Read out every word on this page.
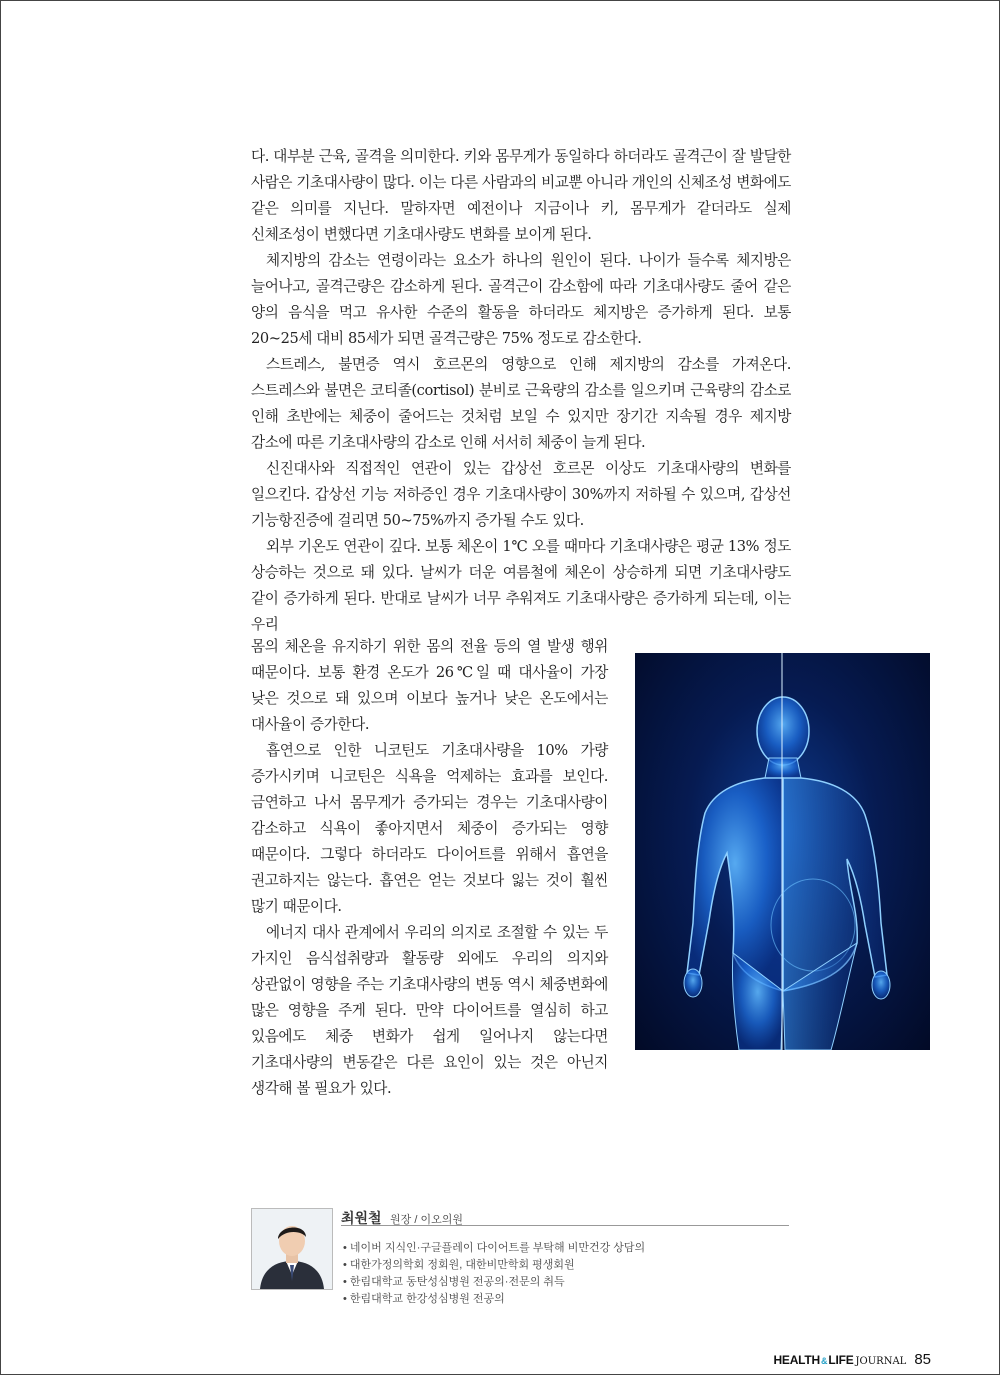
다. 대부분 근육, 골격을 의미한다. 키와 몸무게가 동일하다 하더라도 골격근이 잘 발달한 사람은 기초대사량이 많다. 이는 다른 사람과의 비교뿐 아니라 개인의 신체조성 변화에도 같은 의미를 지닌다. 말하자면 예전이나 지금이나 키, 몸무게가 같더라도 실제 신체조성이 변했다면 기초대사량도 변화를 보이게 된다.

체지방의 감소는 연령이라는 요소가 하나의 원인이 된다. 나이가 들수록 체지방은 늘어나고, 골격근량은 감소하게 된다. 골격근이 감소함에 따라 기초대사량도 줄어 같은 양의 음식을 먹고 유사한 수준의 활동을 하더라도 체지방은 증가하게 된다. 보통 20~25세 대비 85세가 되면 골격근량은 75% 정도로 감소한다.

스트레스, 불면증 역시 호르몬의 영향으로 인해 제지방의 감소를 가져온다. 스트레스와 불면은 코티졸(cortisol) 분비로 근육량의 감소를 일으키며 근육량의 감소로 인해 초반에는 체중이 줄어드는 것처럼 보일 수 있지만 장기간 지속될 경우 제지방 감소에 따른 기초대사량의 감소로 인해 서서히 체중이 늘게 된다.

신진대사와 직접적인 연관이 있는 갑상선 호르몬 이상도 기초대사량의 변화를 일으킨다. 갑상선 기능 저하증인 경우 기초대사량이 30%까지 저하될 수 있으며, 갑상선 기능항진증에 걸리면 50~75%까지 증가될 수도 있다.

외부 기온도 연관이 깊다. 보통 체온이 1℃ 오를 때마다 기초대사량은 평균 13% 정도 상승하는 것으로 돼 있다. 날씨가 더운 여름철에 체온이 상승하게 되면 기초대사량도 같이 증가하게 된다. 반대로 날씨가 너무 추워져도 기초대사량은 증가하게 되는데, 이는 우리

몸의 체온을 유지하기 위한 몸의 전율 등의 열 발생 행위 때문이다. 보통 환경 온도가 26℃일 때 대사율이 가장 낮은 것으로 돼 있으며 이보다 높거나 낮은 온도에서는 대사율이 증가한다.

흡연으로 인한 니코틴도 기초대사량을 10% 가량 증가시키며 니코틴은 식욕을 억제하는 효과를 보인다. 금연하고 나서 몸무게가 증가되는 경우는 기초대사량이 감소하고 식욕이 좋아지면서 체중이 증가되는 영향 때문이다. 그렇다 하더라도 다이어트를 위해서 흡연을 권고하지는 않는다. 흡연은 얻는 것보다 잃는 것이 훨씬 많기 때문이다.

에너지 대사 관계에서 우리의 의지로 조절할 수 있는 두 가지인 음식섭취량과 활동량 외에도 우리의 의지와 상관없이 영향을 주는 기초대사량의 변동 역시 체중변화에 많은 영향을 주게 된다. 만약 다이어트를 열심히 하고 있음에도 체중 변화가 쉽게 일어나지 않는다면 기초대사량의 변동같은 다른 요인이 있는 것은 아닌지 생각해 볼 필요가 있다.

최원철 원장 / 이오의원
• 네이버 지식인·구글플레이 다이어트를 부탁해 비만건강 상담의
• 대한가정의학회 정회원, 대한비만학회 평생회원
• 한림대학교 동탄성심병원 전공의·전문의 취득
• 한림대학교 한강성심병원 전공의
HEALTH&LIFE JOURNAL 85
